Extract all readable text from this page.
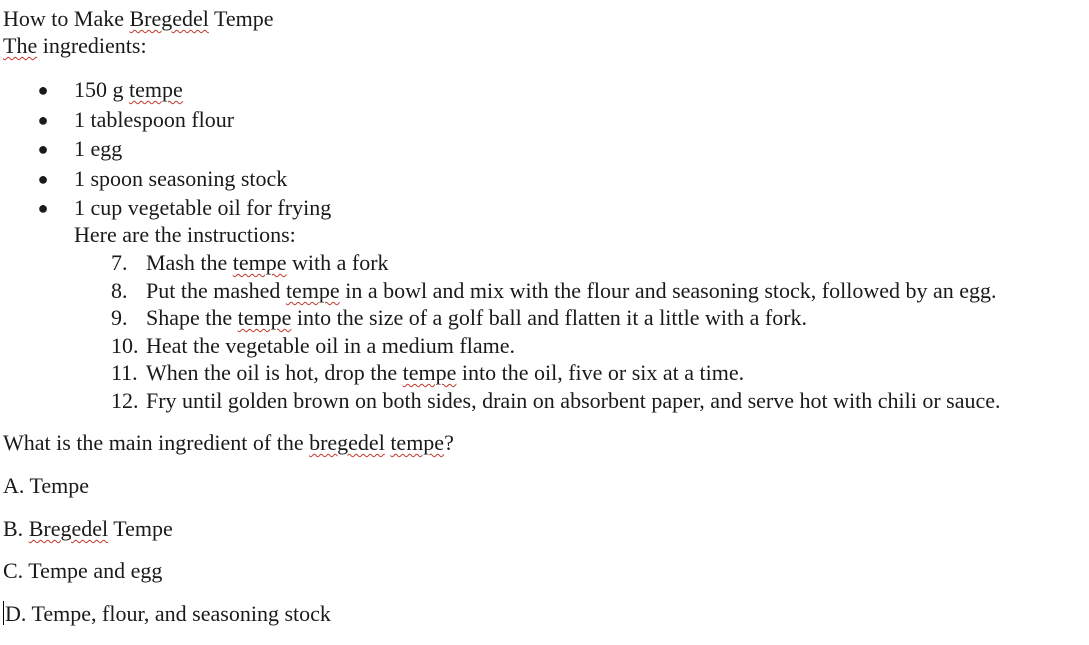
How to Make Bregedel Tempe
The ingredients:
● 150 g tempe
● 1 tablespoon flour
● 1 egg
● 1 spoon seasoning stock
● 1 cup vegetable oil for frying
Here are the instructions:
7. Mash the tempe with a fork
8. Put the mashed tempe in a bowl and mix with the flour and seasoning stock, followed by an egg.
9. Shape the tempe into the size of a golf ball and flatten it a little with a fork.
10. Heat the vegetable oil in a medium flame.
11. When the oil is hot, drop the tempe into the oil, five or six at a time.
12. Fry until golden brown on both sides, drain on absorbent paper, and serve hot with chili or sauce.
What is the main ingredient of the bregedel tempe?
A. Tempe
B. Bregedel Tempe
C. Tempe and egg
D. Tempe, flour, and seasoning stock
